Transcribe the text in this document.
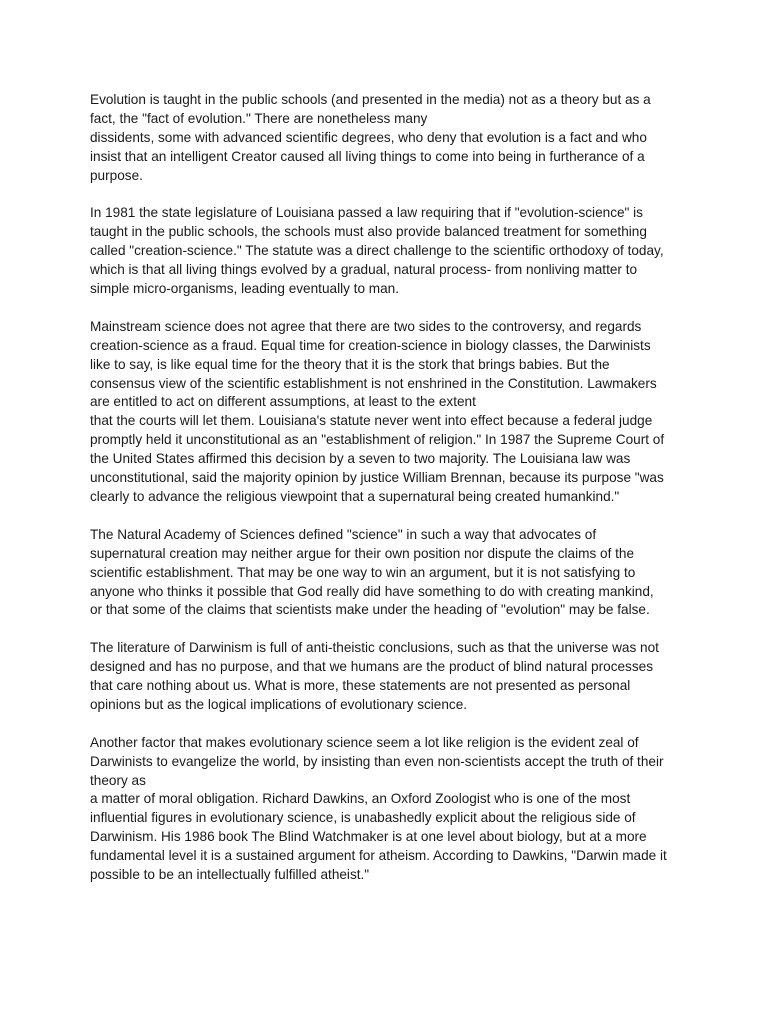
Evolution is taught in the public schools (and presented in the media) not as a theory but as a
fact, the "fact of evolution." There are nonetheless many
dissidents, some with advanced scientific degrees, who deny that evolution is a fact and who
insist that an intelligent Creator caused all living things to come into being in furtherance of a
purpose.

In 1981 the state legislature of Louisiana passed a law requiring that if "evolution-science" is
taught in the public schools, the schools must also provide balanced treatment for something
called "creation-science." The statute was a direct challenge to the scientific orthodoxy of today,
which is that all living things evolved by a gradual, natural process- from nonliving matter to
simple micro-organisms, leading eventually to man.

Mainstream science does not agree that there are two sides to the controversy, and regards
creation-science as a fraud. Equal time for creation-science in biology classes, the Darwinists
like to say, is like equal time for the theory that it is the stork that brings babies. But the
consensus view of the scientific establishment is not enshrined in the Constitution. Lawmakers
are entitled to act on different assumptions, at least to the extent
that the courts will let them. Louisiana's statute never went into effect because a federal judge
promptly held it unconstitutional as an "establishment of religion." In 1987 the Supreme Court of
the United States affirmed this decision by a seven to two majority. The Louisiana law was
unconstitutional, said the majority opinion by justice William Brennan, because its purpose "was
clearly to advance the religious viewpoint that a supernatural being created humankind."

The Natural Academy of Sciences defined "science" in such a way that advocates of
supernatural creation may neither argue for their own position nor dispute the claims of the
scientific establishment. That may be one way to win an argument, but it is not satisfying to
anyone who thinks it possible that God really did have something to do with creating mankind,
or that some of the claims that scientists make under the heading of "evolution" may be false.

The literature of Darwinism is full of anti-theistic conclusions, such as that the universe was not
designed and has no purpose, and that we humans are the product of blind natural processes
that care nothing about us. What is more, these statements are not presented as personal
opinions but as the logical implications of evolutionary science.

Another factor that makes evolutionary science seem a lot like religion is the evident zeal of
Darwinists to evangelize the world, by insisting than even non-scientists accept the truth of their
theory as
a matter of moral obligation. Richard Dawkins, an Oxford Zoologist who is one of the most
influential figures in evolutionary science, is unabashedly explicit about the religious side of
Darwinism. His 1986 book The Blind Watchmaker is at one level about biology, but at a more
fundamental level it is a sustained argument for atheism. According to Dawkins, "Darwin made it
possible to be an intellectually fulfilled atheist."
